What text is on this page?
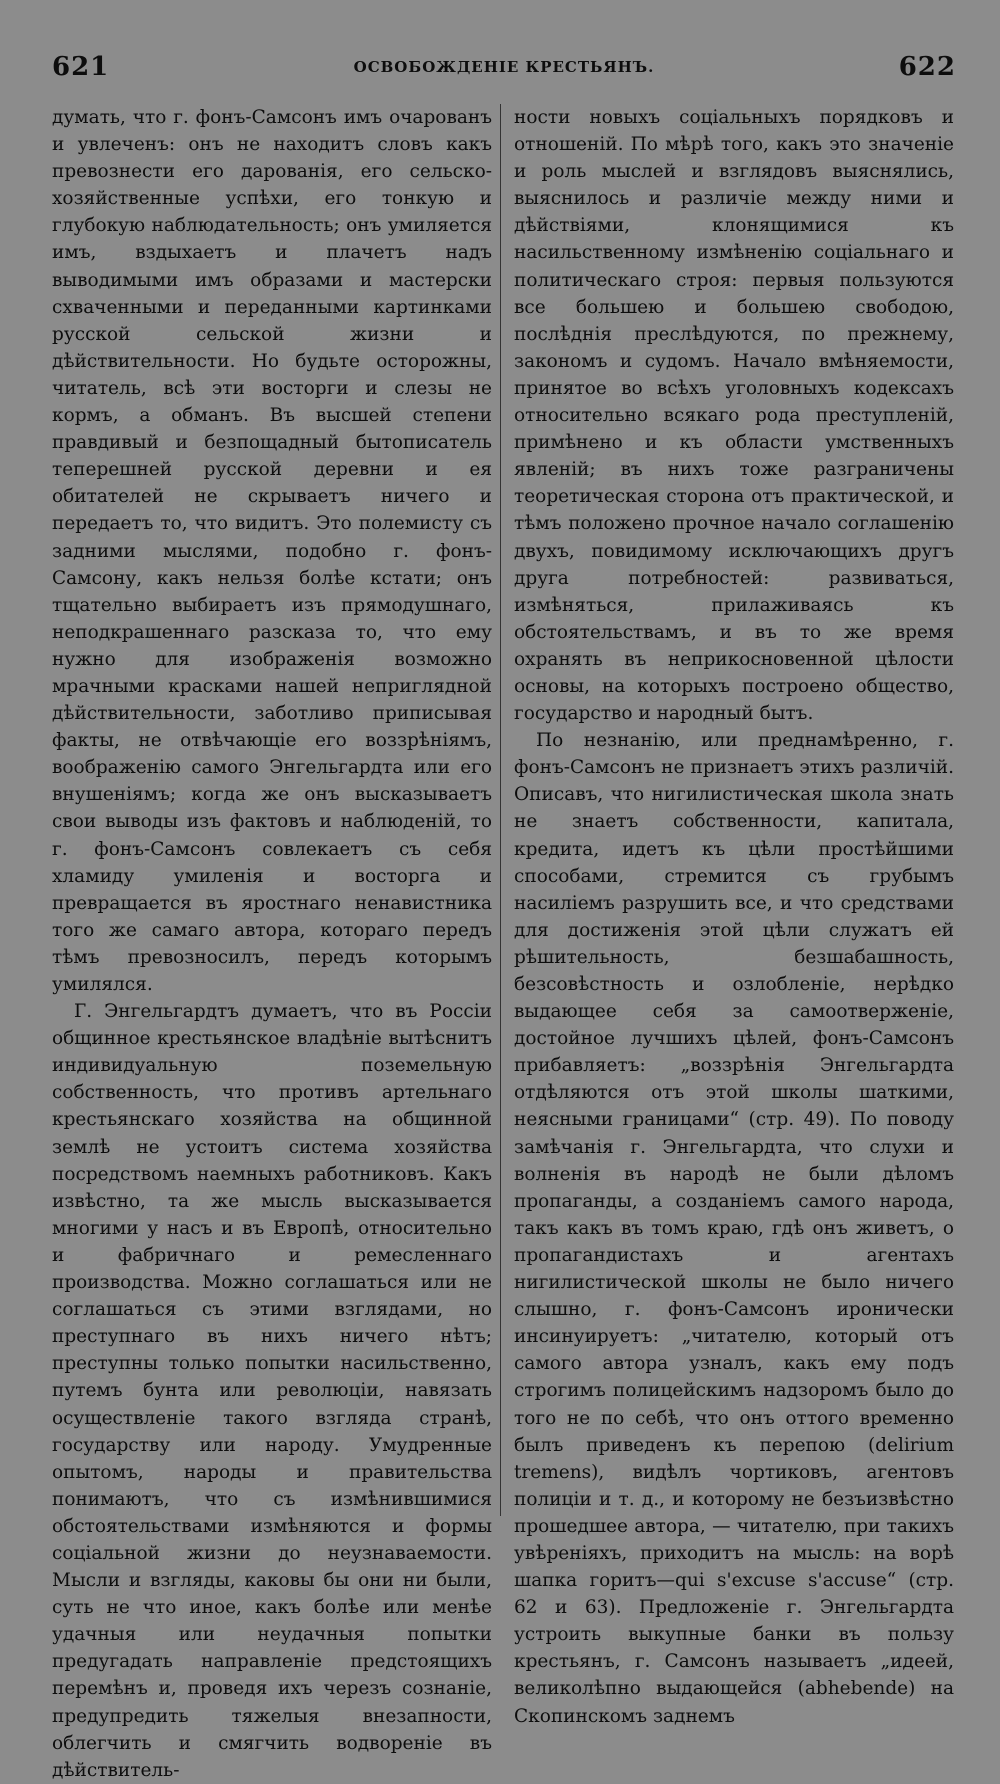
621	ОСВОБОЖДЕНІЕ КРЕСТЬЯНЪ.	622

думать, что г. фонъ-Самсонъ имъ очарованъ и увлеченъ: онъ не находитъ словъ какъ превознести его дарованія, его сельско-хозяйственные успѣхи, его тонкую и глубокую наблюдательность; онъ умиляется имъ, вздыхаетъ и плачетъ надъ выводимыми имъ образами и мастерски схваченными и переданными картинками русской сельской жизни и дѣйствительности. Но будьте осторожны, читатель, всѣ эти восторги и слезы не кормъ, а обманъ. Въ высшей степени правдивый и безпощадный бытописатель теперешней русской деревни и ея обитателей не скрываетъ ничего и передаетъ то, что видитъ. Это полемисту съ задними мыслями, подобно г. фонъ-Самсону, какъ нельзя болѣе кстати; онъ тщательно выбираетъ изъ прямодушнаго, неподкрашеннаго разсказа то, что ему нужно для изображенія возможно мрачными красками нашей неприглядной дѣйствительности, заботливо приписывая факты, не отвѣчающіе его воззрѣніямъ, воображенію самого Энгельгардта или его внушеніямъ; когда же онъ высказываетъ свои выводы изъ фактовъ и наблюденій, то г. фонъ-Самсонъ совлекаетъ съ себя хламиду умиленія и восторга и превращается въ яростнаго ненавистника того же самаго автора, котораго передъ тѣмъ превозносилъ, передъ которымъ умилялся.

Г. Энгельгардтъ думаетъ, что въ Россіи общинное крестьянское владѣніе вытѣснитъ индивидуальную поземельную собственность, что противъ артельнаго крестьянскаго хозяйства на общинной землѣ не устоитъ система хозяйства посредствомъ наемныхъ работниковъ. Какъ извѣстно, та же мысль высказывается многими у насъ и въ Европѣ, относительно и фабричнаго и ремесленнаго производства. Можно соглашаться или не соглашаться съ этими взглядами, но преступнаго въ нихъ ничего нѣтъ; преступны только попытки насильственно, путемъ бунта или революціи, навязать осуществленіе такого взгляда странѣ, государству или народу. Умудренные опытомъ, народы и правительства понимаютъ, что съ измѣнившимися обстоятельствами измѣняются и формы соціальной жизни до неузнаваемости. Мысли и взгляды, каковы бы они ни были, суть не что иное, какъ болѣе или менѣе удачныя или неудачныя попытки предугадать направленіе предстоящихъ перемѣнъ и, проведя ихъ черезъ сознаніе, предупредить тяжелыя внезапности, облегчить и смягчить водвореніе въ дѣйствитель-

ности новыхъ соціальныхъ порядковъ и отношеній. По мѣрѣ того, какъ это значеніе и роль мыслей и взглядовъ выяснялись, выяснилось и различіе между ними и дѣйствіями, клонящимися къ насильственному измѣненію соціальнаго и политическаго строя: первыя пользуются все большею и большею свободою, послѣднія преслѣдуются, по прежнему, закономъ и судомъ. Начало вмѣняемости, принятое во всѣхъ уголовныхъ кодексахъ относительно всякаго рода преступленій, примѣнено и къ области умственныхъ явленій; въ нихъ тоже разграничены теоретическая сторона отъ практической, и тѣмъ положено прочное начало соглашенію двухъ, повидимому исключающихъ другъ друга потребностей: развиваться, измѣняться, прилаживаясь къ обстоятельствамъ, и въ то же время охранять въ неприкосновенной цѣлости основы, на которыхъ построено общество, государство и народный бытъ.

По незнанію, или преднамѣренно, г. фонъ-Самсонъ не признаетъ этихъ различій. Описавъ, что нигилистическая школа знать не знаетъ собственности, капитала, кредита, идетъ къ цѣли простѣйшими способами, стремится съ грубымъ насиліемъ разрушить все, и что средствами для достиженія этой цѣли служатъ ей рѣшительность, безшабашность, безсовѣстность и озлобленіе, нерѣдко выдающее себя за самоотверженіе, достойное лучшихъ цѣлей, фонъ-Самсонъ прибавляетъ: „воззрѣнія Энгельгардта отдѣляются отъ этой школы шаткими, неясными границами“ (стр. 49). По поводу замѣчанія г. Энгельгардта, что слухи и волненія въ народѣ не были дѣломъ пропаганды, а созданіемъ самого народа, такъ какъ въ томъ краю, гдѣ онъ живетъ, о пропагандистахъ и агентахъ нигилистической школы не было ничего слышно, г. фонъ-Самсонъ иронически инсинуируетъ: „читателю, который отъ самого автора узналъ, какъ ему подъ строгимъ полицейскимъ надзоромъ было до того не по себѣ, что онъ оттого временно былъ приведенъ къ перепою (delirium tremens), видѣлъ чортиковъ, агентовъ полиціи и т. д., и которому не безъизвѣстно прошедшее автора, — читателю, при такихъ увѣреніяхъ, приходитъ на мысль: на ворѣ шапка горитъ—qui s'excuse s'accuse“ (стр. 62 и 63). Предложеніе г. Энгельгардта устроить выкупные банки въ пользу крестьянъ, г. Самсонъ называетъ „идеей, великолѣпно выдающейся (abhebende) на Скопинскомъ заднемъ
